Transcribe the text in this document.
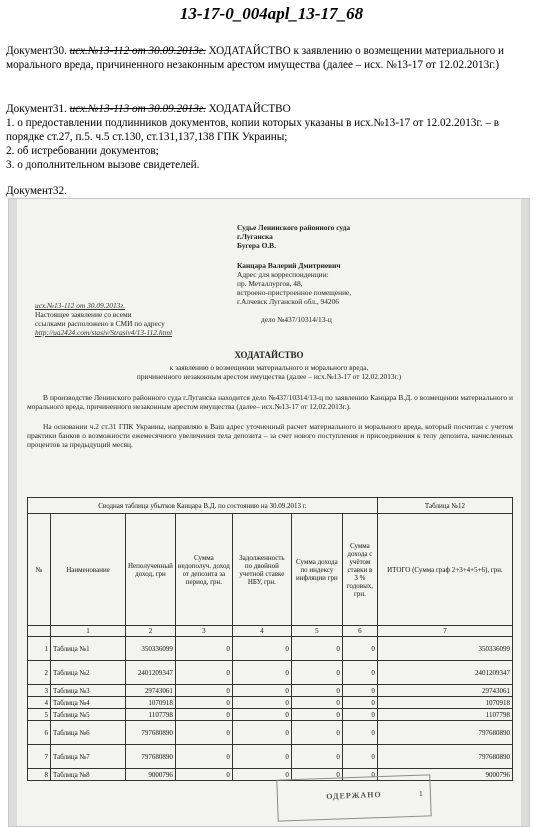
13-17-0_004apl_13-17_68
Документ30. исх.№13-112 от 30.09.2013г. ХОДАТАЙСТВО к заявлению о возмещении материального и морального вреда, причиненного незаконным арестом имущества (далее – исх. №13-17 от 12.02.2013г.)
Документ31. исх.№13-113 от 30.09.2013г. ХОДАТАЙСТВО
1. о предоставлении подлинников документов, копии которых указаны в исх.№13-17 от 12.02.2013г. – в порядке ст.27, п.5. ч.5 ст.130, ст.131,137,138 ГПК Украины;
2. об истребовании документов;
3. о дополнительном вызове свидетелей.
Документ32.
Судье Ленинского районного суда
г.Луганска
Бугера О.В.
Канцара Валерий Дмитриевич
Адрес для корреспонденции:
пр. Металлургов, 48,
встроено-пристроенное помещение,
г.Алчевск Луганской обл., 94206
дело №437/10314/13-ц
исх.№13-112 от 30.09.2013г.
Настоящее заявление со всеми
ссылками расположено в СМИ по адресу
http://ua2424.com/stasiv/Strasiv4/13-112.html
ХОДАТАЙСТВО
к заявлению о возмещении материального и морального вреда,
причиненного незаконным арестом имущества (далее – исх.№13-17 от 12.02.2013г.)
В производстве Ленинского районного суда г.Луганска находится дело №437/10314/13-ц по заявлению Канцара В.Д. о возмещении материального и морального вреда, причиненного незаконным арестом имущества (далее– исх.№13-17 от 12.02.2013г.).
На основании ч.2 ст.31 ГПК Украины, направляю в Ваш адрес уточненный расчет материального и морального вреда, который посчитан с учетом практики банков о возможности ежемесячного увеличения тела депозита – за счет нового поступления и присоединения к телу депозита, начисленных процентов за предыдущий месяц.
Сводная таблица убытков Канцара В.Д. по состоянию на 30.09.2013 г.							Таблица №12
№	Наименование	Неполученный доход, грн	Сумма недополуч. доход от депозита за период, грн.	Задолженность по двойной учетной ставке НБУ, грн.	Сумма дохода по индексу инфляции грн	Сумма дохода с учётом ставки в 3 % годовых, грн.	ИТОГО (Сумма граф 2+3+4+5+6), грн.
	1	2	3	4	5	6	7
1	Таблица №1	350336099	0	0	0	0	350336099
2	Таблица №2	2401209347	0	0	0	0	2401209347
3	Таблица №3	29743061	0	0	0	0	29743061
4	Таблица №4	1070918	0	0	0	0	1070918
5	Таблица №5	1107798	0	0	0	0	1107798
6	Таблица №6	797680890	0	0	0	0	797680890
7	Таблица №7	797680890	0	0	0	0	797680890
8	Таблица №8	9000796	0	0	0	0	9000796
ОДЕРЖАНО	1
